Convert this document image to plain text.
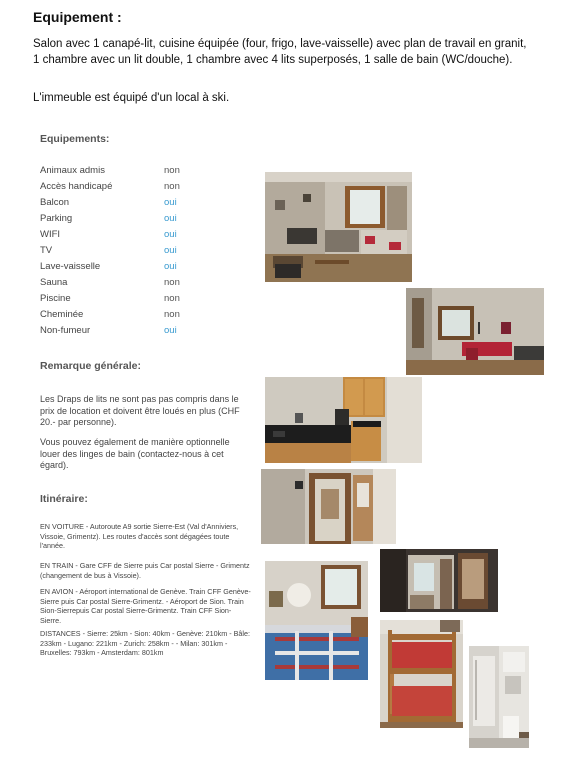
Equipement :
Salon avec 1 canapé-lit, cuisine équipée (four, frigo, lave-vaisselle) avec plan de travail en granit, 1 chambre avec un lit double, 1 chambre avec 4 lits superposés, 1 salle de bain (WC/douche).
L'immeuble est équipé d'un local à ski.
Equipements:
Animaux admis	non
Accès handicapé	non
Balcon	oui
Parking	oui
WIFI	oui
TV	oui
Lave-vaisselle	oui
Sauna	non
Piscine	non
Cheminée	non
Non-fumeur	oui
Remarque générale:
Les Draps de lits ne sont pas pas compris dans le prix de location et doivent être loués en plus (CHF 20.- par personne).
Vous pouvez également de manière optionnelle louer des linges de bain (contactez-nous à cet égard).
Itinéraire:
EN VOITURE - Autoroute A9 sortie Sierre-Est (Val d'Anniviers, Vissoie, Grimentz). Les routes d'accès sont dégagées toute l'année.
EN TRAIN - Gare CFF de Sierre puis Car postal Sierre - Grimentz (changement de bus à Vissoie).
EN AVION - Aéroport international de Genève. Train CFF Genève-Sierre puis Car postal Sierre-Grimentz. - Aéroport de Sion. Train Sion-Sierrepuis Car postal Sierre-Grimentz. Train CFF Sion-Sierre.
DISTANCES - Sierre: 25km - Sion: 40km - Genève: 210km - Bâle: 233km - Lugano: 221km - Zurich: 258km - - Milan: 301km - Bruxelles: 793km - Amsterdam: 801km
